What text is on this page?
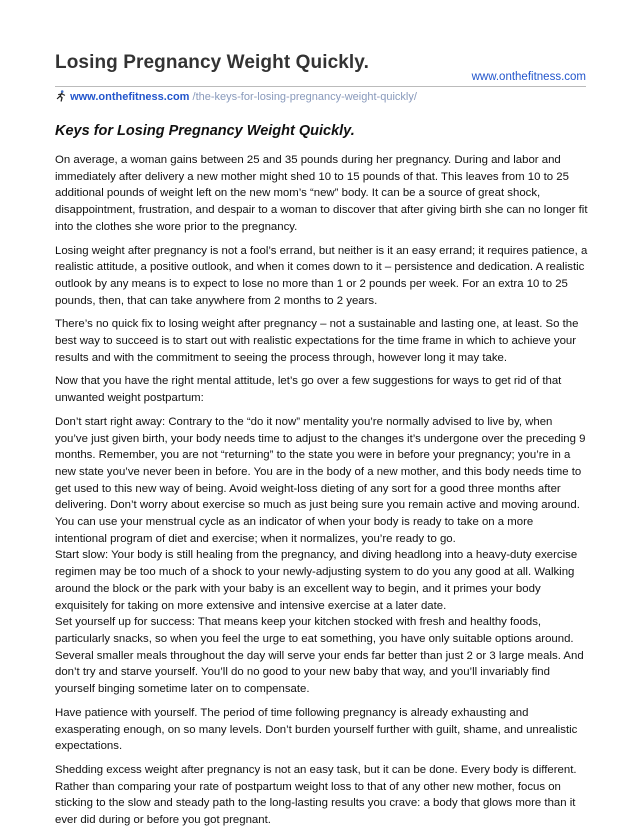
Losing Pregnancy Weight Quickly.
www.onthefitness.com
www.onthefitness.com /the-keys-for-losing-pregnancy-weight-quickly/
Keys for Losing Pregnancy Weight Quickly.

On average, a woman gains between 25 and 35 pounds during her pregnancy. During and labor and immediately after delivery a new mother might shed 10 to 15 pounds of that. This leaves from 10 to 25 additional pounds of weight left on the new mom’s “new” body. It can be a source of great shock, disappointment, frustration, and despair to a woman to discover that after giving birth she can no longer fit into the clothes she wore prior to the pregnancy.

Losing weight after pregnancy is not a fool’s errand, but neither is it an easy errand; it requires patience, a realistic attitude, a positive outlook, and when it comes down to it – persistence and dedication. A realistic outlook by any means is to expect to lose no more than 1 or 2 pounds per week. For an extra 10 to 25 pounds, then, that can take anywhere from 2 months to 2 years.

There’s no quick fix to losing weight after pregnancy – not a sustainable and lasting one, at least. So the best way to succeed is to start out with realistic expectations for the time frame in which to achieve your results and with the commitment to seeing the process through, however long it may take.

Now that you have the right mental attitude, let’s go over a few suggestions for ways to get rid of that unwanted weight postpartum:

Don’t start right away: Contrary to the “do it now” mentality you’re normally advised to live by, when you’ve just given birth, your body needs time to adjust to the changes it’s undergone over the preceding 9 months. Remember, you are not “returning” to the state you were in before your pregnancy; you’re in a new state you’ve never been in before. You are in the body of a new mother, and this body needs time to get used to this new way of being. Avoid weight-loss dieting of any sort for a good three months after delivering. Don’t worry about exercise so much as just being sure you remain active and moving around. You can use your menstrual cycle as an indicator of when your body is ready to take on a more intentional program of diet and exercise; when it normalizes, you’re ready to go.

Start slow: Your body is still healing from the pregnancy, and diving headlong into a heavy-duty exercise regimen may be too much of a shock to your newly-adjusting system to do you any good at all. Walking around the block or the park with your baby is an excellent way to begin, and it primes your body exquisitely for taking on more extensive and intensive exercise at a later date.

Set yourself up for success: That means keep your kitchen stocked with fresh and healthy foods, particularly snacks, so when you feel the urge to eat something, you have only suitable options around. Several smaller meals throughout the day will serve your ends far better than just 2 or 3 large meals. And don’t try and starve yourself. You’ll do no good to your new baby that way, and you’ll invariably find yourself binging sometime later on to compensate.

Have patience with yourself. The period of time following pregnancy is already exhausting and exasperating enough, on so many levels. Don’t burden yourself further with guilt, shame, and unrealistic expectations.

Shedding excess weight after pregnancy is not an easy task, but it can be done. Every body is different. Rather than comparing your rate of postpartum weight loss to that of any other new mother, focus on sticking to the slow and steady path to the long-lasting results you crave: a body that glows more than it ever did during or before you got pregnant.
